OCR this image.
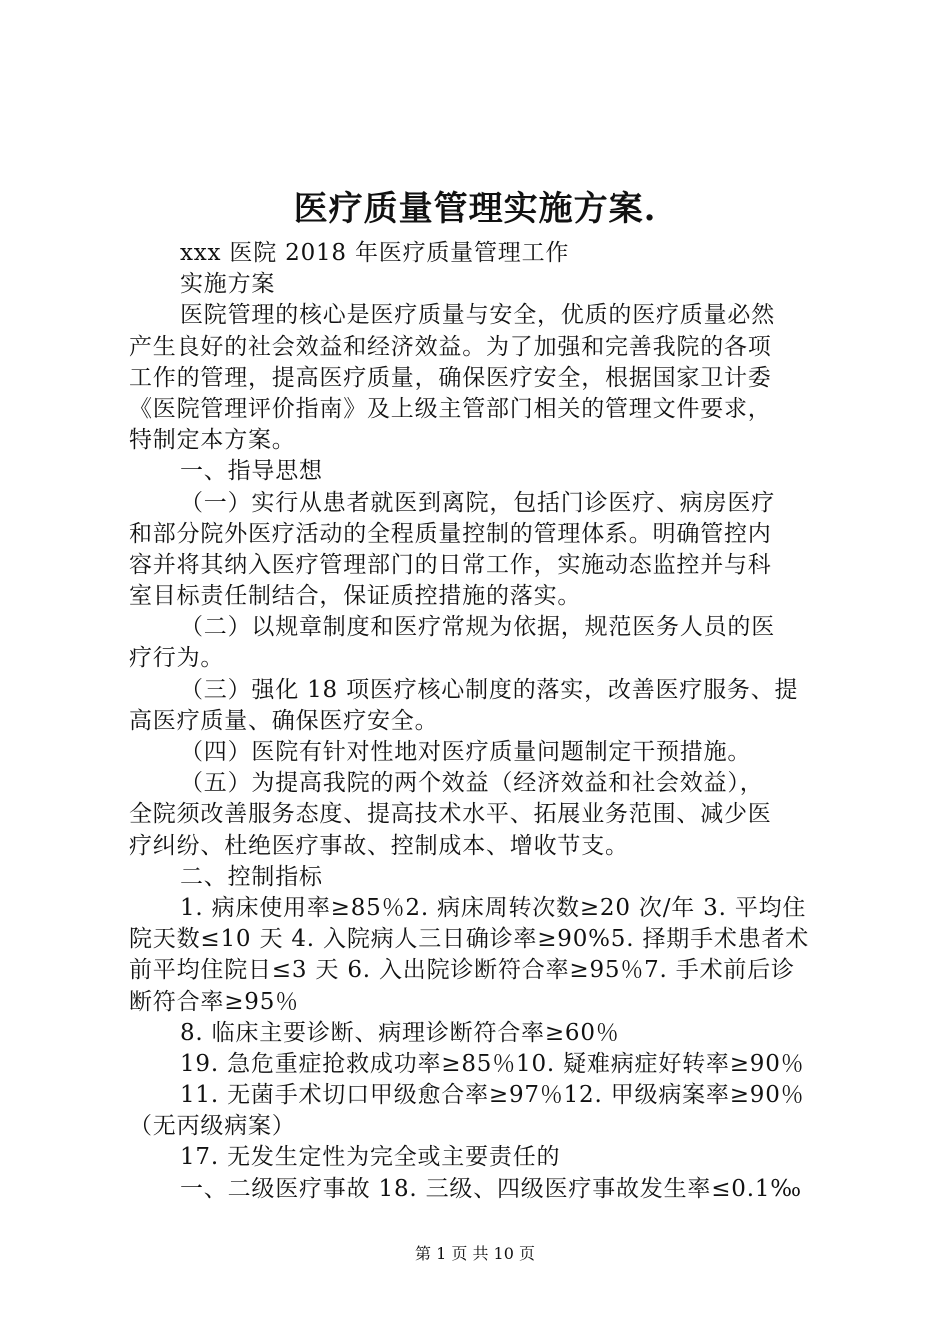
医疗质量管理实施方案.
xxx 医院 2018 年医疗质量管理工作
实施方案
医院管理的核心是医疗质量与安全，优质的医疗质量必然
产生良好的社会效益和经济效益。为了加强和完善我院的各项
工作的管理，提高医疗质量，确保医疗安全，根据国家卫计委
《医院管理评价指南》及上级主管部门相关的管理文件要求，
特制定本方案。
一、指导思想
（一）实行从患者就医到离院，包括门诊医疗、病房医疗
和部分院外医疗活动的全程质量控制的管理体系。明确管控内
容并将其纳入医疗管理部门的日常工作，实施动态监控并与科
室目标责任制结合，保证质控措施的落实。
（二）以规章制度和医疗常规为依据，规范医务人员的医
疗行为。
（三）强化 18 项医疗核心制度的落实，改善医疗服务、提
高医疗质量、确保医疗安全。
（四）医院有针对性地对医疗质量问题制定干预措施。
（五）为提高我院的两个效益（经济效益和社会效益），
全院须改善服务态度、提高技术水平、拓展业务范围、减少医
疗纠纷、杜绝医疗事故、控制成本、增收节支。
二、控制指标
1. 病床使用率≥85％2. 病床周转次数≥20 次/年 3. 平均住
院天数≤10 天 4. 入院病人三日确诊率≥90%5. 择期手术患者术
前平均住院日≤3 天 6. 入出院诊断符合率≥95％7. 手术前后诊
断符合率≥95％
8. 临床主要诊断、病理诊断符合率≥60％
19. 急危重症抢救成功率≥85％10. 疑难病症好转率≥90％
11. 无菌手术切口甲级愈合率≥97％12. 甲级病案率≥90％
（无丙级病案）
17. 无发生定性为完全或主要责任的
一、二级医疗事故 18. 三级、四级医疗事故发生率≤0.1‰
第 1 页 共 10 页
